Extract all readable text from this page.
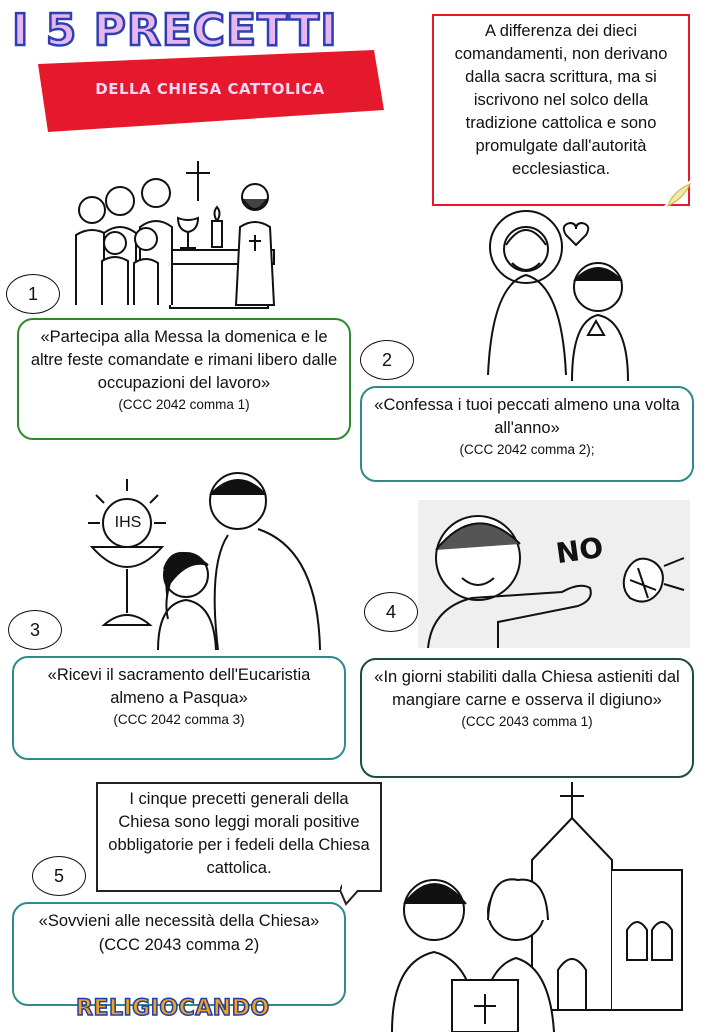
I 5 PRECETTI
DELLA CHIESA CATTOLICA
A differenza dei dieci comandamenti, non derivano dalla sacra scrittura, ma si iscrivono nel solco della tradizione cattolica e sono promulgate dall'autorità ecclesiastica.
IHS
NO
1
2
3
4
5
«Partecipa alla Messa la domenica e le altre feste comandate e rimani libero dalle occupazioni del lavoro»
(CCC 2042 comma 1)	«Confessa i tuoi peccati almeno una volta all'anno»
(CCC 2042 comma 2);
«Ricevi il sacramento dell'Eucaristia almeno a Pasqua»
(CCC 2042 comma 3)
«In giorni stabiliti dalla Chiesa astieniti dal mangiare carne e osserva il digiuno»
(CCC 2043 comma 1)
«Sovvieni alle necessità della Chiesa»
(CCC 2043 comma 2)
I cinque precetti generali della Chiesa sono leggi morali positive obbligatorie per i fedeli della Chiesa cattolica.
RELIGIOCANDO
